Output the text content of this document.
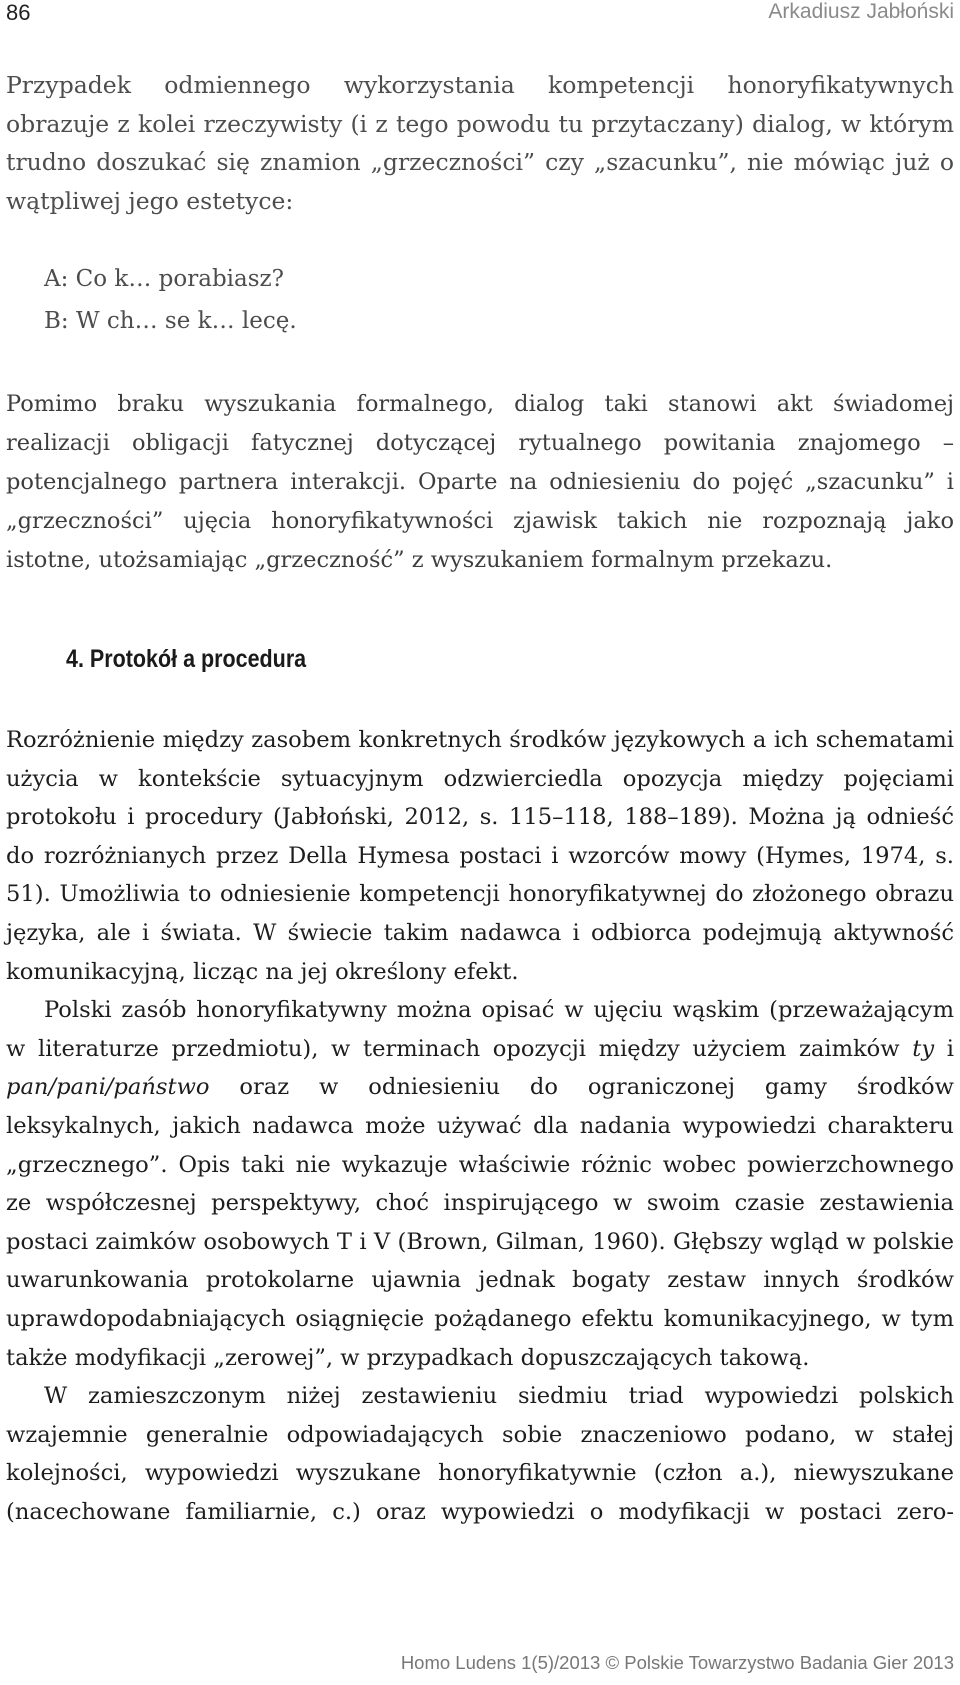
86	Arkadiusz Jabłoński

Przypadek odmiennego wykorzystania kompetencji honoryfikatywnych obrazuje z kolei rzeczywisty (i z tego powodu tu przytaczany) dialog, w którym trudno doszukać się znamion „grzeczności” czy „szacunku”, nie mówiąc już o wątpliwej jego estetyce:

A: Co k… porabiasz?

B: W ch… se k… lecę.

Pomimo braku wyszukania formalnego, dialog taki stanowi akt świadomej realizacji obligacji fatycznej dotyczącej rytualnego powitania znajomego – potencjalnego partnera interakcji. Oparte na odniesieniu do pojęć „szacunku” i „grzeczności” ujęcia honoryfikatywności zjawisk takich nie rozpoznają jako istotne, utożsamiając „grzeczność” z wyszukaniem formalnym przekazu.

4. Protokół a procedura

Rozróżnienie między zasobem konkretnych środków językowych a ich schematami użycia w kontekście sytuacyjnym odzwierciedla opozycja między pojęciami protokołu i procedury (Jabłoński, 2012, s. 115–118, 188–189). Można ją odnieść do rozróżnianych przez Della Hymesa postaci i wzorców mowy (Hymes, 1974, s. 51). Umożliwia to odniesienie kompetencji honoryfikatywnej do złożonego obrazu języka, ale i świata. W świecie takim nadawca i odbiorca podejmują aktywność komunikacyjną, licząc na jej określony efekt.

Polski zasób honoryfikatywny można opisać w ujęciu wąskim (przeważającym w literaturze przedmiotu), w terminach opozycji między użyciem zaimków ty i pan/pani/państwo oraz w odniesieniu do ograniczonej gamy środków leksykalnych, jakich nadawca może używać dla nadania wypowiedzi charakteru „grzecznego”. Opis taki nie wykazuje właściwie różnic wobec powierzchownego ze współczesnej perspektywy, choć inspirującego w swoim czasie zestawienia postaci zaimków osobowych T i V (Brown, Gilman, 1960). Głębszy wgląd w polskie uwarunkowania protokolarne ujawnia jednak bogaty zestaw innych środków uprawdopodabniających osiągnięcie pożądanego efektu komunikacyjnego, w tym także modyfikacji „zerowej”, w przypadkach dopuszczających takową.

W zamieszczonym niżej zestawieniu siedmiu triad wypowiedzi polskich wzajemnie generalnie odpowiadających sobie znaczeniowo podano, w stałej kolejności, wypowiedzi wyszukane honoryfikatywnie (człon a.), niewyszukane (nacechowane familiarnie, c.) oraz wypowiedzi o modyfikacji w postaci zero-

Homo Ludens 1(5)/2013 © Polskie Towarzystwo Badania Gier 2013
